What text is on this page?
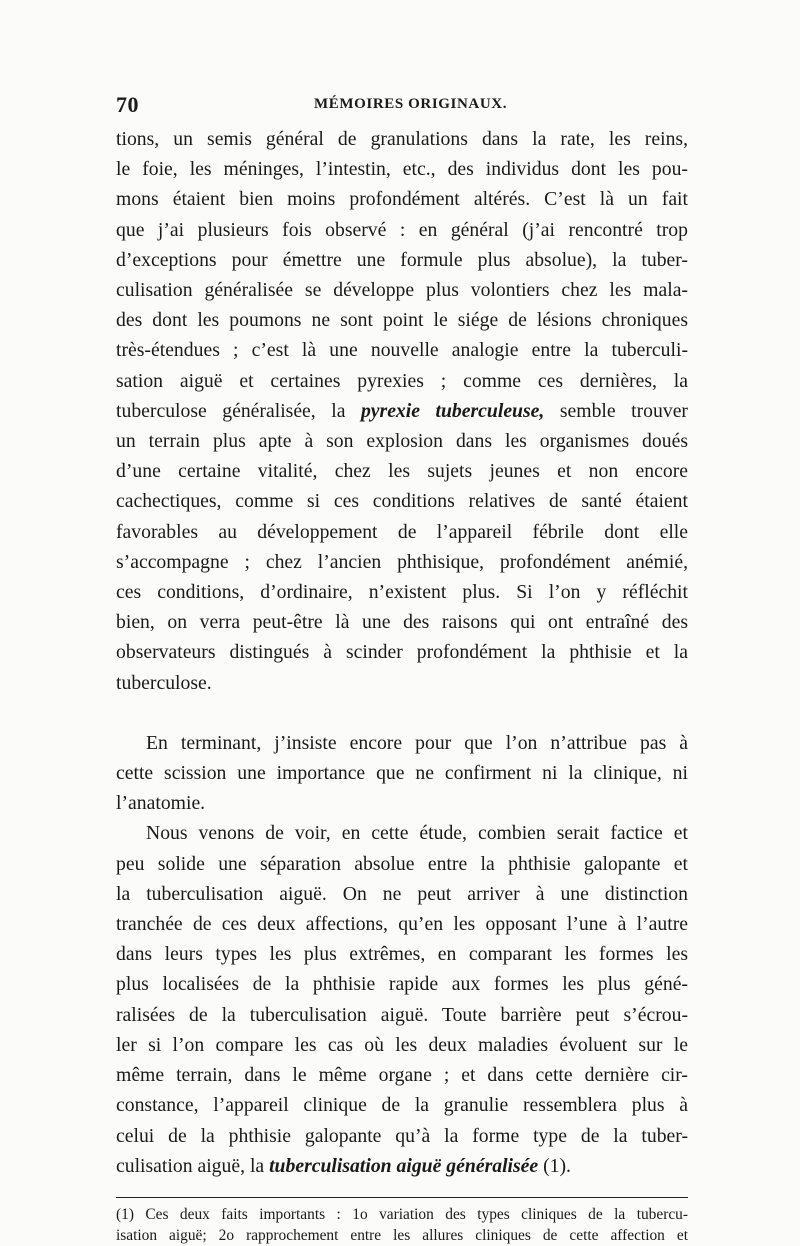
70	MÉMOIRES ORIGINAUX.

tions, un semis général de granulations dans la rate, les reins,
le foie, les méninges, l’intestin, etc., des individus dont les pou-
mons étaient bien moins profondément altérés. C’est là un fait
que j’ai plusieurs fois observé : en général (j’ai rencontré trop
d’exceptions pour émettre une formule plus absolue), la tuber-
culisation généralisée se développe plus volontiers chez les mala-
des dont les poumons ne sont point le siége de lésions chroniques
très-étendues ; c’est là une nouvelle analogie entre la tuberculi-
sation aiguë et certaines pyrexies ; comme ces dernières, la
tuberculose généralisée, la pyrexie tuberculeuse, semble trouver
un terrain plus apte à son explosion dans les organismes doués
d’une certaine vitalité, chez les sujets jeunes et non encore
cachectiques, comme si ces conditions relatives de santé étaient
favorables au développement de l’appareil fébrile dont elle
s’accompagne ; chez l’ancien phthisique, profondément anémié,
ces conditions, d’ordinaire, n’existent plus. Si l’on y réfléchit
bien, on verra peut-être là une des raisons qui ont entraîné des
observateurs distingués à scinder profondément la phthisie et la
tuberculose.

En terminant, j’insiste encore pour que l’on n’attribue pas à
cette scission une importance que ne confirment ni la clinique, ni
l’anatomie.

Nous venons de voir, en cette étude, combien serait factice et
peu solide une séparation absolue entre la phthisie galopante et
la tuberculisation aiguë. On ne peut arriver à une distinction
tranchée de ces deux affections, qu’en les opposant l’une à l’autre
dans leurs types les plus extrêmes, en comparant les formes les
plus localisées de la phthisie rapide aux formes les plus géné-
ralisées de la tuberculisation aiguë. Toute barrière peut s’écrou-
ler si l’on compare les cas où les deux maladies évoluent sur le
même terrain, dans le même organe ; et dans cette dernière cir-
constance, l’appareil clinique de la granulie ressemblera plus à
celui de la phthisie galopante qu’à la forme type de la tuber-
culisation aiguë, la tuberculisation aiguë généralisée (1).

(1) Ces deux faits importants : 1o variation des types cliniques de la tubercu-
isation aiguë; 2o rapprochement entre les allures cliniques de cette affection et
